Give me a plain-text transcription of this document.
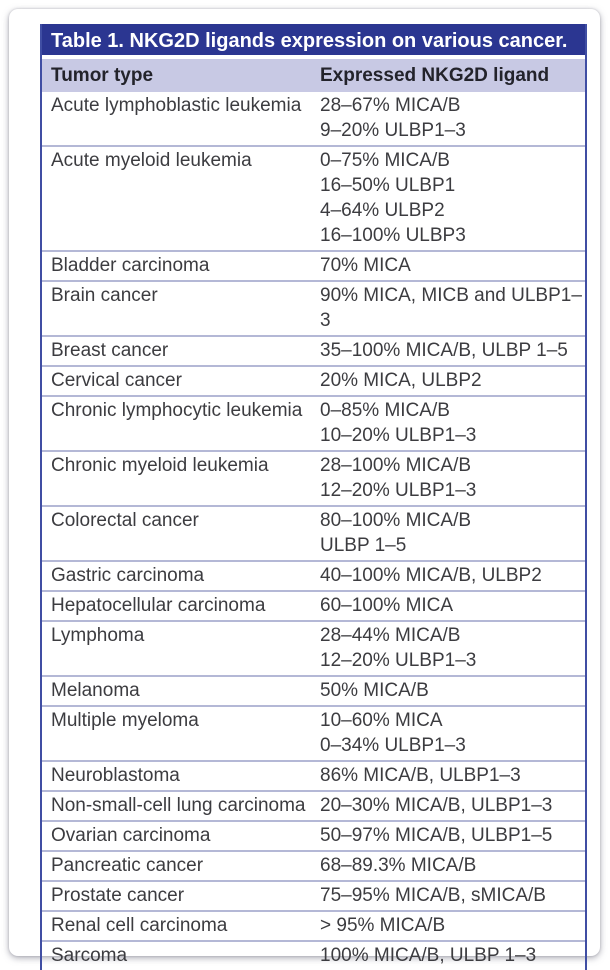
Table 1. NKG2D ligands expression on various cancer.
Tumor type	Expressed NKG2D ligand
Acute lymphoblastic leukemia 28–67% MICA/B
9–20% ULBP1–3
Acute myeloid leukemia	0–75% MICA/B
16–50% ULBP1
4–64% ULBP2
16–100% ULBP3
Bladder carcinoma	70% MICA
Brain cancer	90% MICA, MICB and ULBP1–3
Breast cancer	35–100% MICA/B, ULBP 1–5
Cervical cancer	20% MICA, ULBP2
Chronic lymphocytic leukemia 0–85% MICA/B
10–20% ULBP1–3
Chronic myeloid leukemia	28–100% MICA/B
12–20% ULBP1–3
Colorectal cancer	80–100% MICA/B
ULBP 1–5
Gastric carcinoma	40–100% MICA/B, ULBP2
Hepatocellular carcinoma	60–100% MICA
Lymphoma	28–44% MICA/B
12–20% ULBP1–3
Melanoma	50% MICA/B
Multiple myeloma	10–60% MICA
0–34% ULBP1–3
Neuroblastoma	86% MICA/B, ULBP1–3
Non-small-cell lung carcinoma 20–30% MICA/B, ULBP1–3
Ovarian carcinoma	50–97% MICA/B, ULBP1–5
Pancreatic cancer	68–89.3% MICA/B
Prostate cancer	75–95% MICA/B, sMICA/B
Renal cell carcinoma	> 95% MICA/B
Sarcoma	100% MICA/B, ULBP 1–3
